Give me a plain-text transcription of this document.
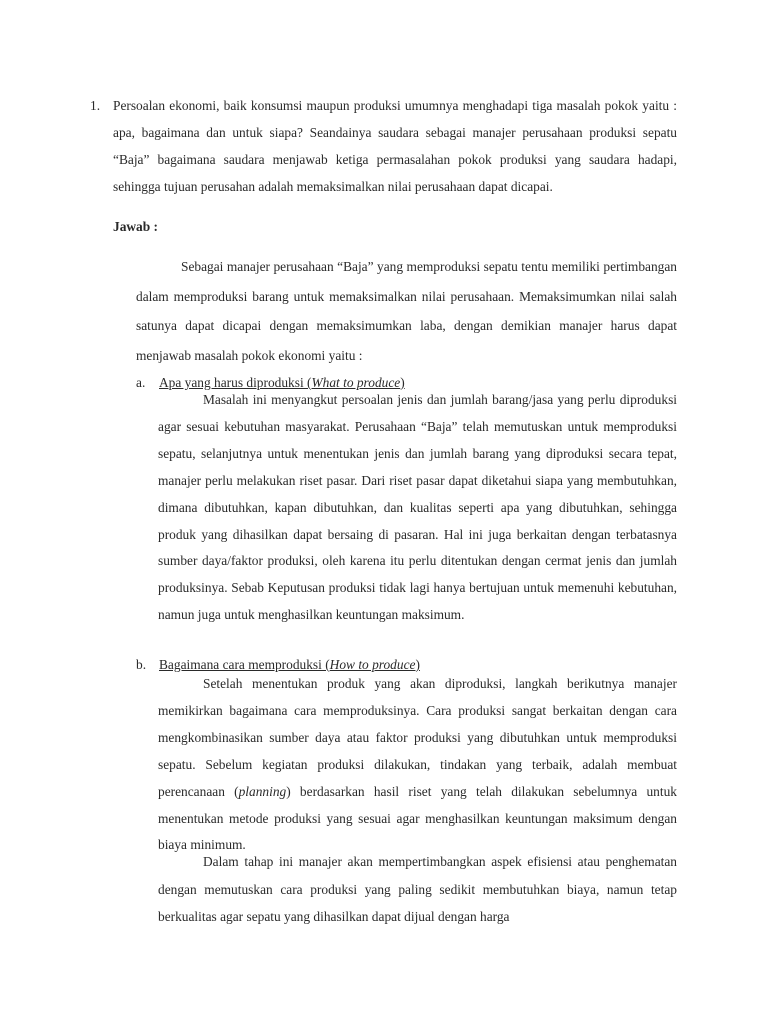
1. Persoalan ekonomi, baik konsumsi maupun produksi umumnya menghadapi tiga masalah pokok yaitu : apa, bagaimana dan untuk siapa? Seandainya saudara sebagai manajer perusahaan produksi sepatu “Baja” bagaimana saudara menjawab ketiga permasalahan pokok produksi yang saudara hadapi, sehingga tujuan perusahan adalah memaksimalkan nilai perusahaan dapat dicapai.
Jawab :
Sebagai manajer perusahaan “Baja” yang memproduksi sepatu tentu memiliki pertimbangan dalam memproduksi barang untuk memaksimalkan nilai perusahaan. Memaksimumkan nilai salah satunya dapat dicapai dengan memaksimumkan laba, dengan demikian manajer harus dapat menjawab masalah pokok ekonomi yaitu :
a. Apa yang harus diproduksi (What to produce)
Masalah ini menyangkut persoalan jenis dan jumlah barang/jasa yang perlu diproduksi agar sesuai kebutuhan masyarakat. Perusahaan “Baja” telah memutuskan untuk memproduksi sepatu, selanjutnya untuk menentukan jenis dan jumlah barang yang diproduksi secara tepat, manajer perlu melakukan riset pasar. Dari riset pasar dapat diketahui siapa yang membutuhkan, dimana dibutuhkan, kapan dibutuhkan, dan kualitas seperti apa yang dibutuhkan, sehingga produk yang dihasilkan dapat bersaing di pasaran. Hal ini juga berkaitan dengan terbatasnya sumber daya/faktor produksi, oleh karena itu perlu ditentukan dengan cermat jenis dan jumlah produksinya. Sebab Keputusan produksi tidak lagi hanya bertujuan untuk memenuhi kebutuhan, namun juga untuk menghasilkan keuntungan maksimum.
b. Bagaimana cara memproduksi (How to produce)
Setelah menentukan produk yang akan diproduksi, langkah berikutnya manajer memikirkan bagaimana cara memproduksinya. Cara produksi sangat berkaitan dengan cara mengkombinasikan sumber daya atau faktor produksi yang dibutuhkan untuk memproduksi sepatu. Sebelum kegiatan produksi dilakukan, tindakan yang terbaik, adalah membuat perencanaan (planning) berdasarkan hasil riset yang telah dilakukan sebelumnya untuk menentukan metode produksi yang sesuai agar menghasilkan keuntungan maksimum dengan biaya minimum.
Dalam tahap ini manajer akan mempertimbangkan aspek efisiensi atau penghematan dengan memutuskan cara produksi yang paling sedikit membutuhkan biaya, namun tetap berkualitas agar sepatu yang dihasilkan dapat dijual dengan harga
